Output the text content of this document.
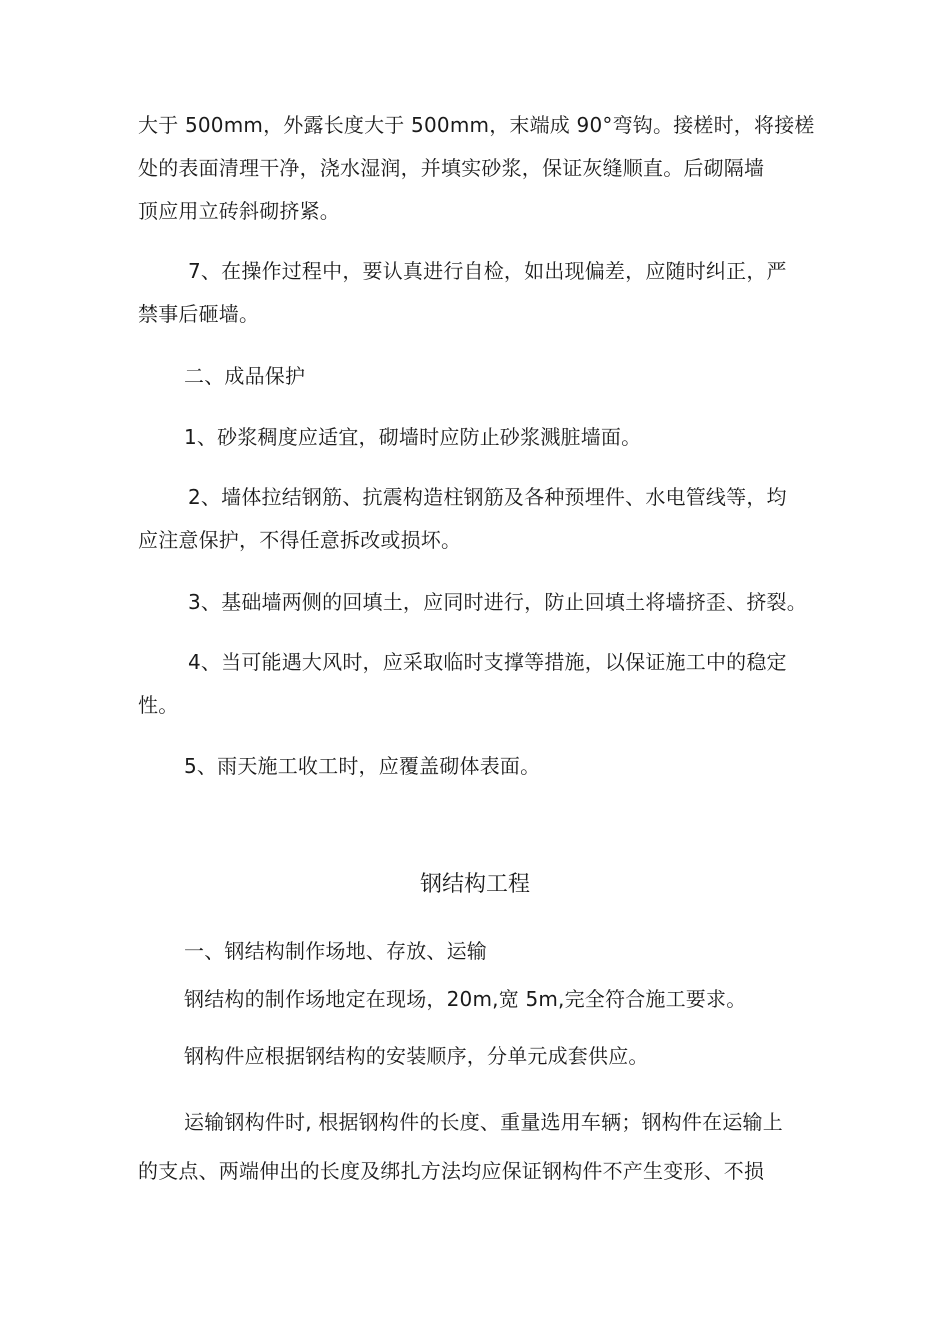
大于 500mm，外露长度大于 500mm，末端成 90°弯钩。接槎时，将接槎
处的表面清理干净，浇水湿润，并填实砂浆，保证灰缝顺直。后砌隔墙
顶应用立砖斜砌挤紧。
7、在操作过程中，要认真进行自检，如出现偏差，应随时纠正，严
禁事后砸墙。
二、成品保护
1、砂浆稠度应适宜，砌墙时应防止砂浆溅脏墙面。
2、墙体拉结钢筋、抗震构造柱钢筋及各种预埋件、水电管线等，均
应注意保护，不得任意拆改或损坏。
3、基础墙两侧的回填土，应同时进行，防止回填土将墙挤歪、挤裂。
4、当可能遇大风时，应采取临时支撑等措施，以保证施工中的稳定
性。
5、雨天施工收工时，应覆盖砌体表面。
钢结构工程
一、钢结构制作场地、存放、运输
钢结构的制作场地定在现场，20m,宽 5m,完全符合施工要求。
钢构件应根据钢结构的安装顺序，分单元成套供应。
运输钢构件时, 根据钢构件的长度、重量选用车辆；钢构件在运输上
的支点、两端伸出的长度及绑扎方法均应保证钢构件不产生变形、不损
